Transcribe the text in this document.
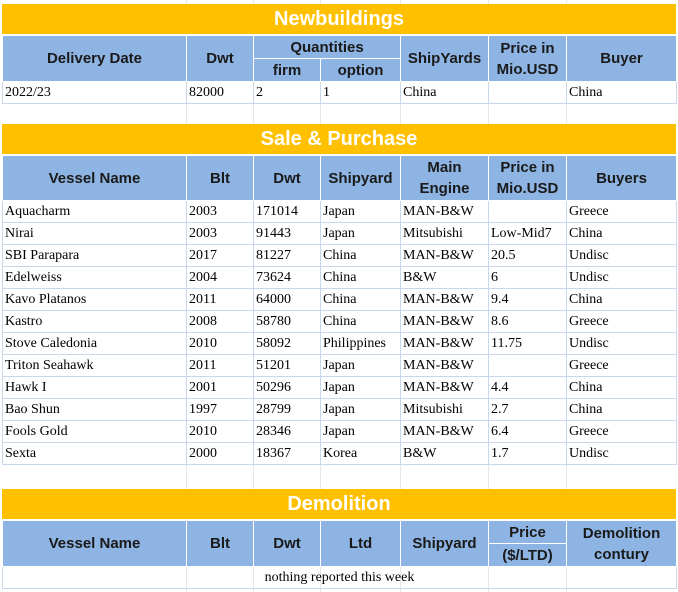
Newbuildings
Delivery Date	Dwt	Quantities		ShipYards	Price in Mio.USD	Buyer
		firm	option			
2022/23	82000	2	1	China		China
Sale & Purchase
Vessel Name	Blt	Dwt	Shipyard	Main Engine	Price in Mio.USD	Buyers
Aquacharm	2003	171014	Japan	MAN-B&W		Greece
Nirai	2003	91443	Japan	Mitsubishi	Low-Mid7	China
SBI Parapara	2017	81227	China	MAN-B&W	20.5	Undisc
Edelweiss	2004	73624	China	B&W	6	Undisc
Kavo Platanos	2011	64000	China	MAN-B&W	9.4	China
Kastro	2008	58780	China	MAN-B&W	8.6	Greece
Stove Caledonia	2010	58092	Philippines	MAN-B&W	11.75	Undisc
Triton Seahawk	2011	51201	Japan	MAN-B&W		Greece
Hawk I	2001	50296	Japan	MAN-B&W	4.4	China
Bao Shun	1997	28799	Japan	Mitsubishi	2.7	China
Fools Gold	2010	28346	Japan	MAN-B&W	6.4	Greece
Sexta	2000	18367	Korea	B&W	1.7	Undisc
Demolition
Vessel Name	Blt	Dwt	Ltd	Shipyard	Price	Demolition contury
($/LTD)
nothing reported this week
